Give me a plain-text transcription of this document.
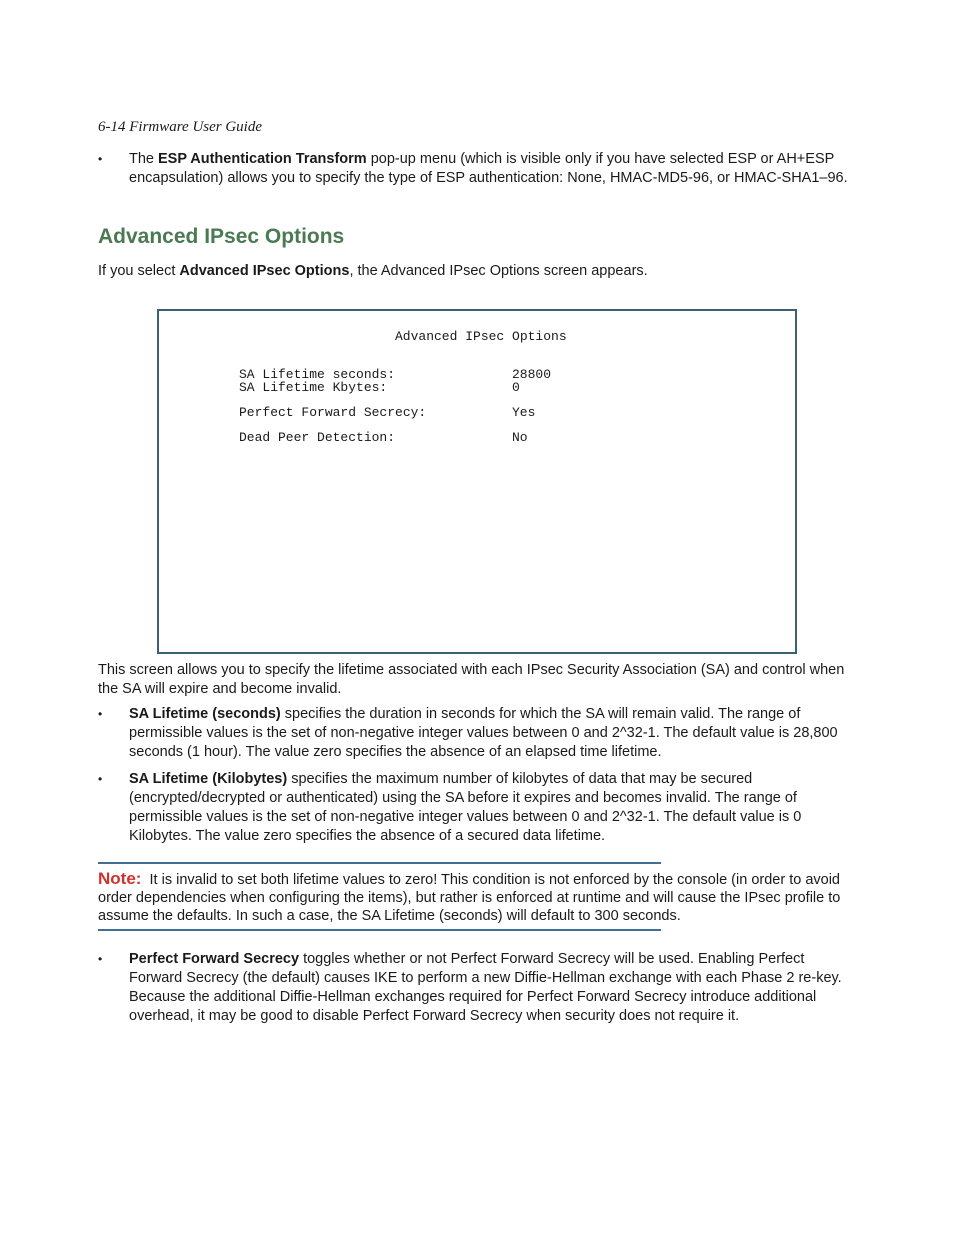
6-14 Firmware User Guide
• The ESP Authentication Transform pop-up menu (which is visible only if you have selected ESP or AH+ESP encapsulation) allows you to specify the type of ESP authentication: None, HMAC-MD5-96, or HMAC-SHA1–96.
Advanced IPsec Options
If you select Advanced IPsec Options, the Advanced IPsec Options screen appears.
Advanced IPsec Options
SA Lifetime seconds:	28800
SA Lifetime Kbytes:	0
Perfect Forward Secrecy:	Yes
Dead Peer Detection:	No
This screen allows you to specify the lifetime associated with each IPsec Security Association (SA) and control when the SA will expire and become invalid.
• SA Lifetime (seconds) specifies the duration in seconds for which the SA will remain valid. The range of permissible values is the set of non-negative integer values between 0 and 2^32-1. The default value is 28,800 seconds (1 hour). The value zero specifies the absence of an elapsed time lifetime.
• SA Lifetime (Kilobytes) specifies the maximum number of kilobytes of data that may be secured (encrypted/decrypted or authenticated) using the SA before it expires and becomes invalid. The range of permissible values is the set of non-negative integer values between 0 and 2^32-1. The default value is 0 Kilobytes. The value zero specifies the absence of a secured data lifetime.
Note: It is invalid to set both lifetime values to zero! This condition is not enforced by the console (in order to avoid order dependencies when configuring the items), but rather is enforced at runtime and will cause the IPsec profile to assume the defaults. In such a case, the SA Lifetime (seconds) will default to 300 seconds.
• Perfect Forward Secrecy toggles whether or not Perfect Forward Secrecy will be used. Enabling Perfect Forward Secrecy (the default) causes IKE to perform a new Diffie-Hellman exchange with each Phase 2 re-key. Because the additional Diffie-Hellman exchanges required for Perfect Forward Secrecy introduce additional overhead, it may be good to disable Perfect Forward Secrecy when security does not require it.
